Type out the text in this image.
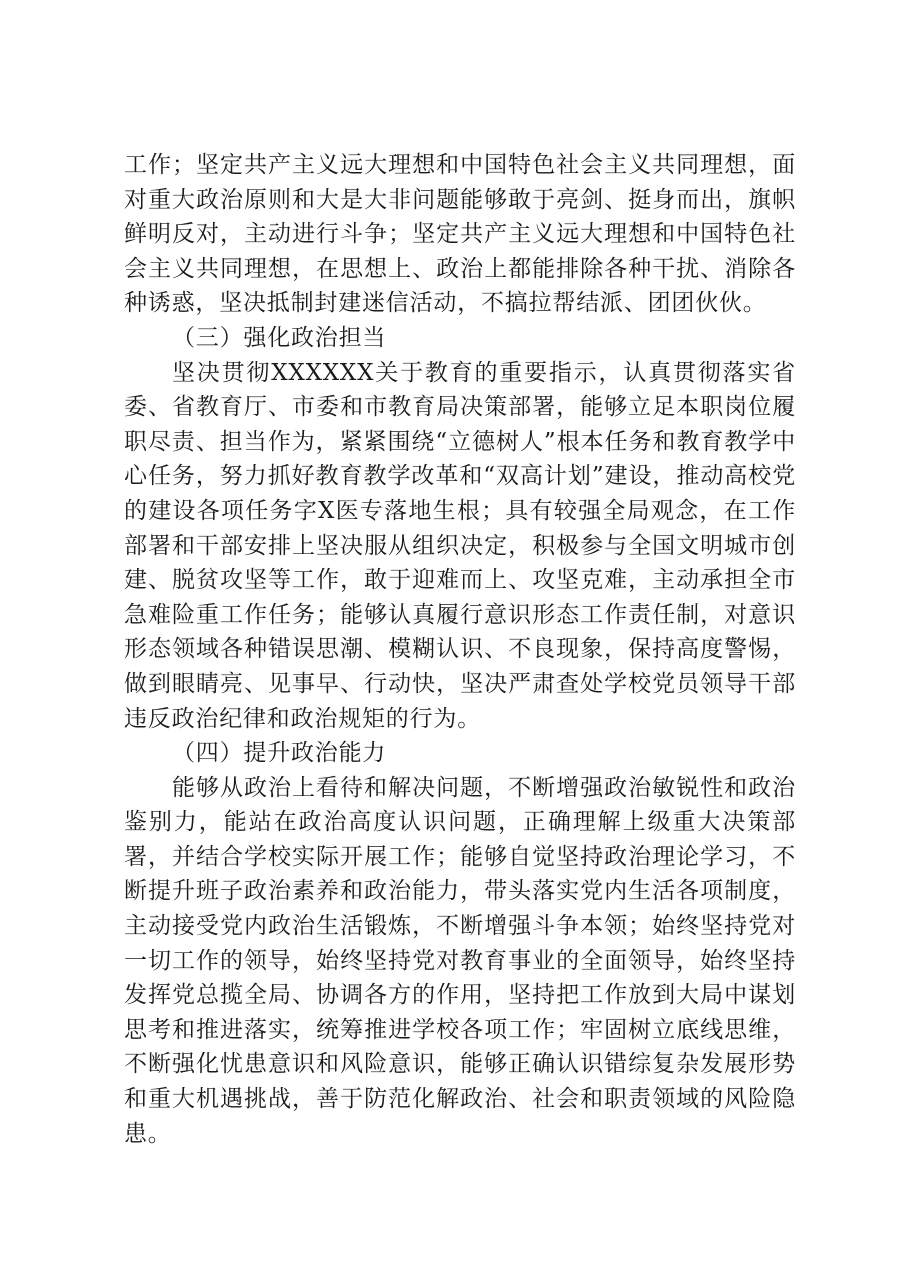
工作；坚定共产主义远大理想和中国特色社会主义共同理想，面对重大政治原则和大是大非问题能够敢于亮剑、挺身而出，旗帜鲜明反对，主动进行斗争；坚定共产主义远大理想和中国特色社会主义共同理想，在思想上、政治上都能排除各种干扰、消除各种诱惑，坚决抵制封建迷信活动，不搞拉帮结派、团团伙伙。

（三）强化政治担当

坚决贯彻XXXXXX关于教育的重要指示，认真贯彻落实省委、省教育厅、市委和市教育局决策部署，能够立足本职岗位履职尽责、担当作为，紧紧围绕“立德树人”根本任务和教育教学中心任务，努力抓好教育教学改革和“双高计划”建设，推动高校党的建设各项任务字X医专落地生根；具有较强全局观念，在工作部署和干部安排上坚决服从组织决定，积极参与全国文明城市创建、脱贫攻坚等工作，敢于迎难而上、攻坚克难，主动承担全市急难险重工作任务；能够认真履行意识形态工作责任制，对意识形态领域各种错误思潮、模糊认识、不良现象，保持高度警惕，做到眼睛亮、见事早、行动快，坚决严肃查处学校党员领导干部违反政治纪律和政治规矩的行为。

（四）提升政治能力

能够从政治上看待和解决问题，不断增强政治敏锐性和政治鉴别力，能站在政治高度认识问题，正确理解上级重大决策部署，并结合学校实际开展工作；能够自觉坚持政治理论学习，不断提升班子政治素养和政治能力，带头落实党内生活各项制度，主动接受党内政治生活锻炼，不断增强斗争本领；始终坚持党对一切工作的领导，始终坚持党对教育事业的全面领导，始终坚持发挥党总揽全局、协调各方的作用，坚持把工作放到大局中谋划思考和推进落实，统筹推进学校各项工作；牢固树立底线思维，不断强化忧患意识和风险意识，能够正确认识错综复杂发展形势和重大机遇挑战，善于防范化解政治、社会和职责领域的风险隐患。
